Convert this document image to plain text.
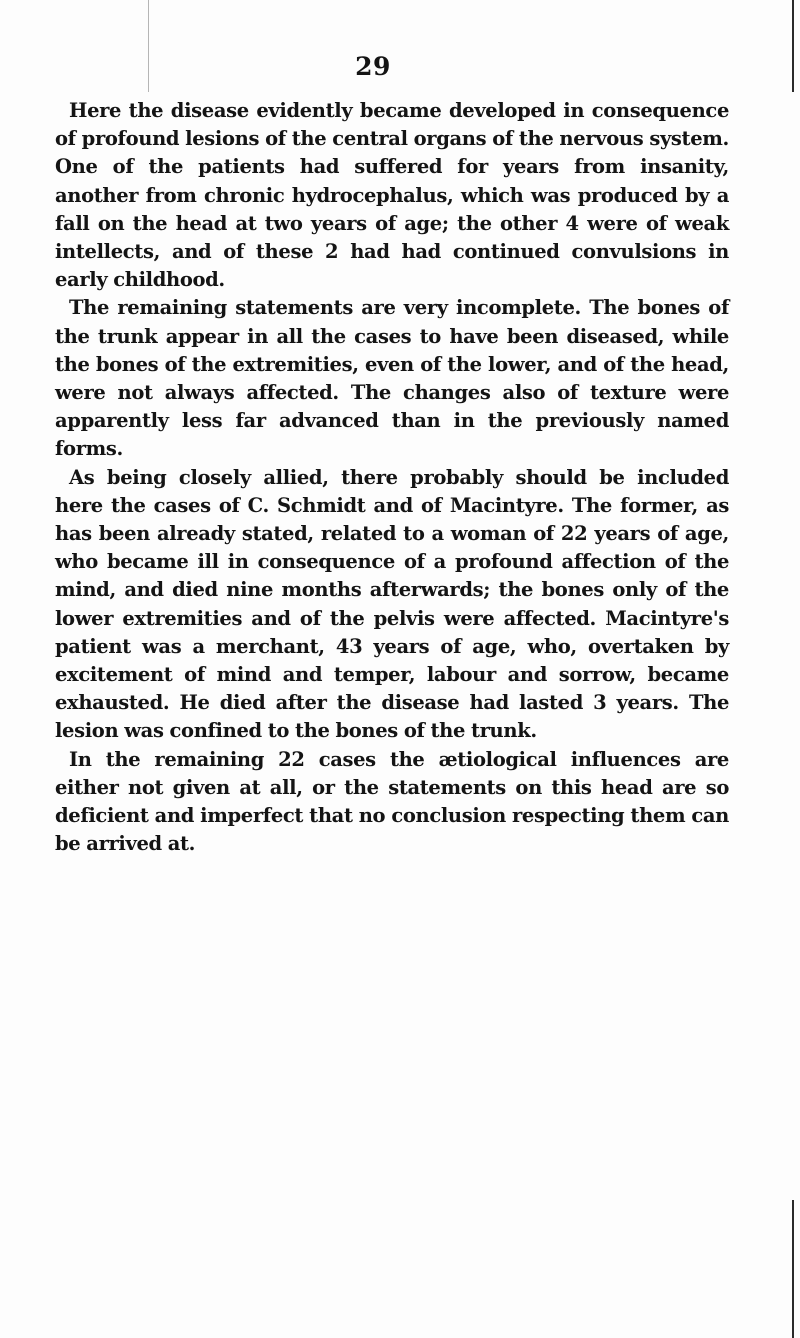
29

Here the disease evidently became developed in consequence of profound lesions of the central organs of the nervous system. One of the patients had suffered for years from insanity, another from chronic hydrocephalus, which was produced by a fall on the head at two years of age; the other 4 were of weak intellects, and of these 2 had had continued convulsions in early childhood.

The remaining statements are very incomplete. The bones of the trunk appear in all the cases to have been diseased, while the bones of the extremities, even of the lower, and of the head, were not always affected. The changes also of texture were apparently less far advanced than in the previously named forms.

As being closely allied, there probably should be included here the cases of C. Schmidt and of Macintyre. The former, as has been already stated, related to a woman of 22 years of age, who became ill in consequence of a profound affection of the mind, and died nine months afterwards; the bones only of the lower extremities and of the pelvis were affected. Macintyre's patient was a merchant, 43 years of age, who, overtaken by excitement of mind and temper, labour and sorrow, became exhausted. He died after the disease had lasted 3 years. The lesion was confined to the bones of the trunk.

In the remaining 22 cases the ætiological influences are either not given at all, or the statements on this head are so deficient and imperfect that no conclusion respecting them can be arrived at.
